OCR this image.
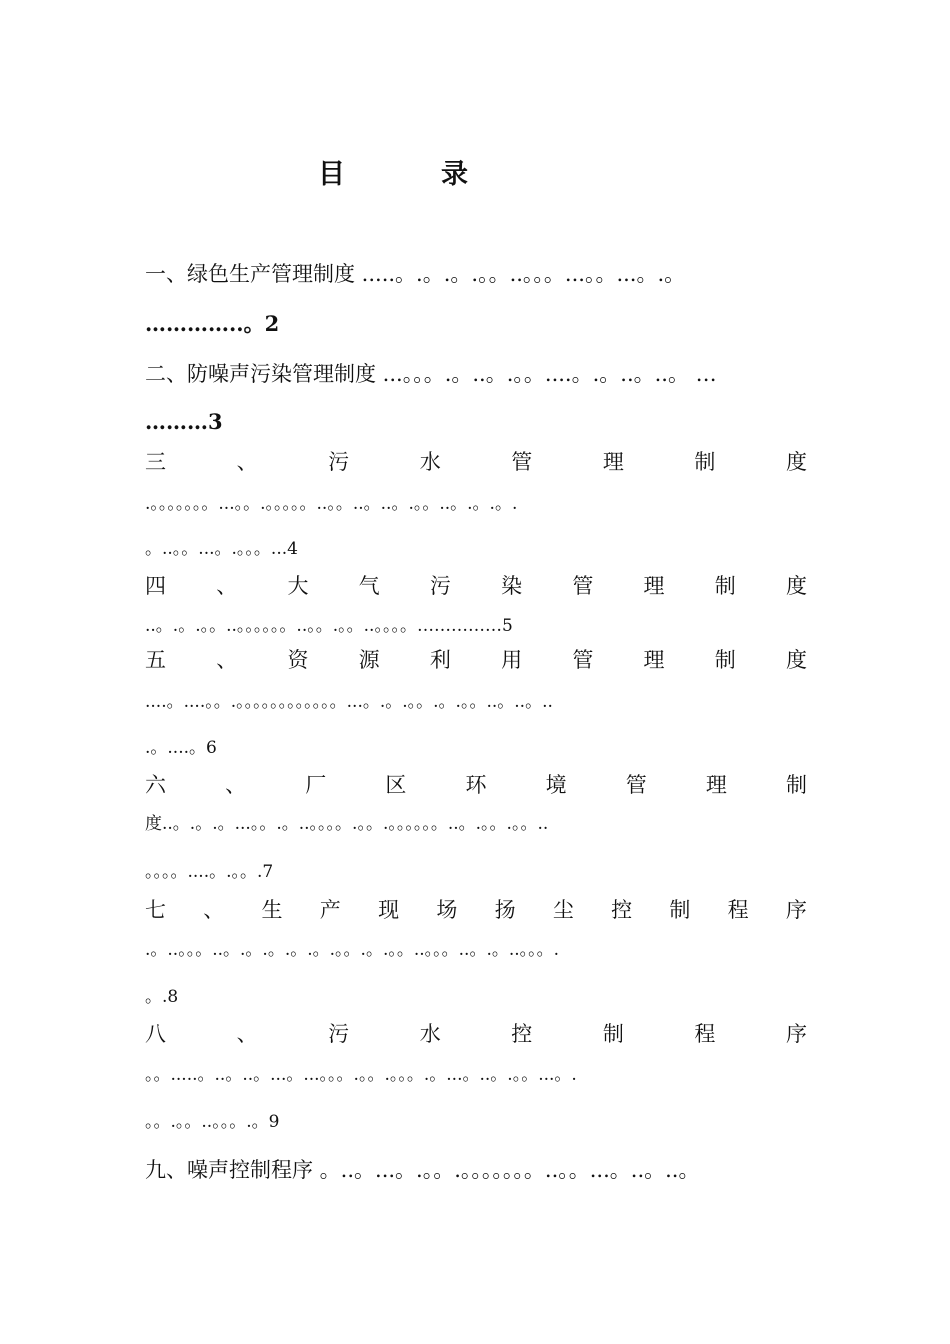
目	录
一、绿色生产管理制度 .....。.。.。.。。..。。。...。。...。.。
…………..。2
二、防噪声污染管理制度 ...。。。.。..。.。。....。.。..。..。 …
………3
三	、	污	水	管	理	制	度
.。。。。。。。...。。.。。。。。..。。..。..。.。。..。.。.。.
。..。。...。.。。。...4
四 、 大 气 污 染 管 理 制 度
..。.。.。。..。。。。。。..。。.。。..。。。。……………5
五 、 资 源 利 用 管 理 制 度
....。....。。.。。。。。。。。。。。。...。.。.。。.。.。。..。..。..
.。....。6
六	、	厂	区	环	境	管	理	制
度..。.。.。...。。.。..。。。。.。。.。。。。。。..。.。。.。。..
。。。。....。.。。.7
七 、 生 产 现 场 扬 尘 控 制 程 序
.。..。。。..。.。.。.。.。.。。.。.。。..。。。..。.。..。。。.
。.8
八	、	污	水	控	制	程	序
。。.....。..。..。...。...。。。.。。.。。。.。...。..。.。。...。.
。。.。。..。。。.。9
九、噪声控制程序 。..。...。.。。.。。。。。。。..。。...。..。..。
